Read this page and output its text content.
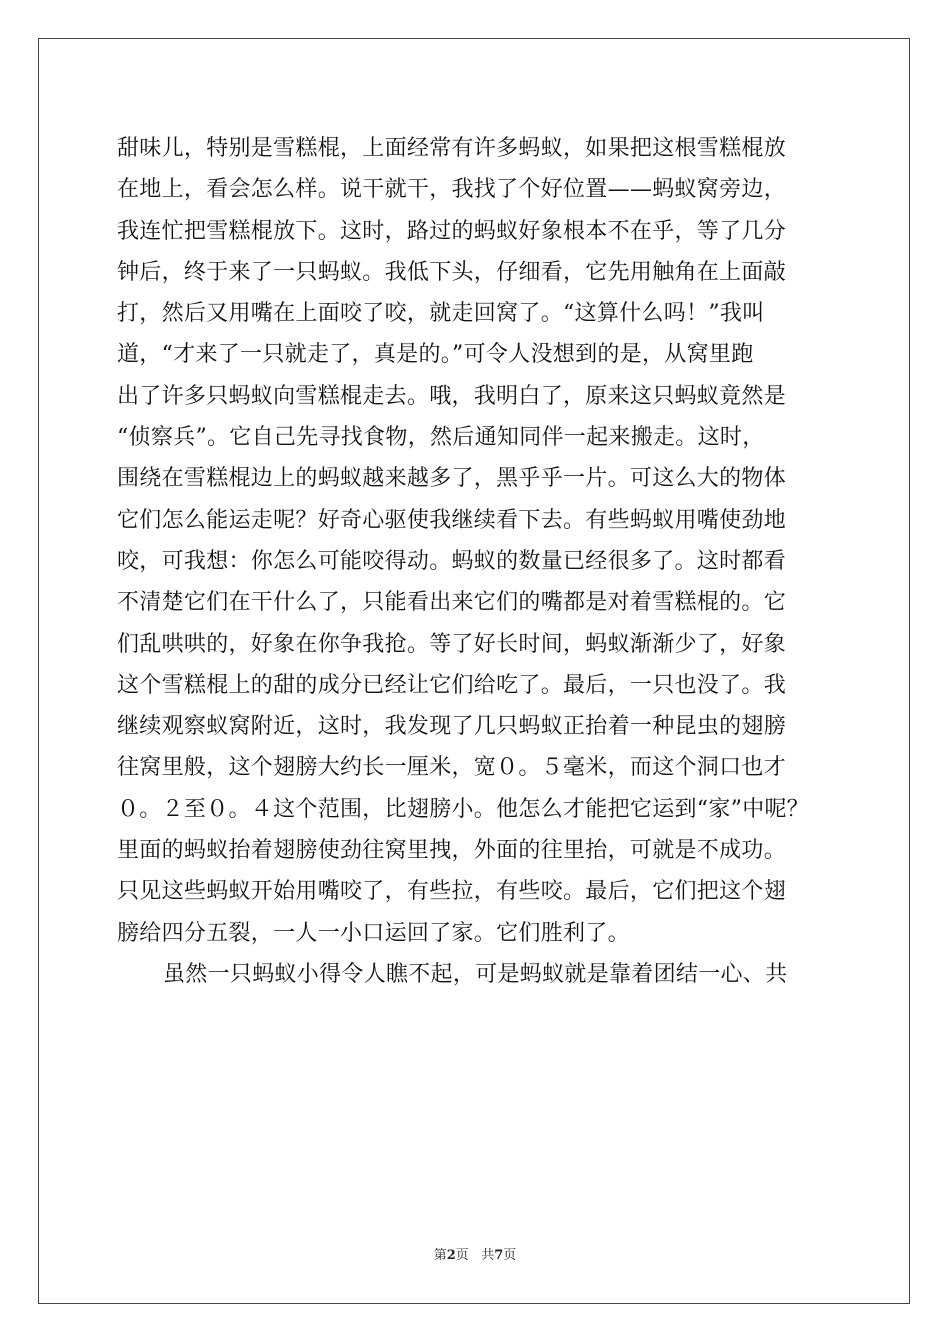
甜味儿，特别是雪糕棍，上面经常有许多蚂蚁，如果把这根雪糕棍放
在地上，看会怎么样。说干就干，我找了个好位置——蚂蚁窝旁边，
我连忙把雪糕棍放下。这时，路过的蚂蚁好象根本不在乎，等了几分
钟后，终于来了一只蚂蚁。我低下头，仔细看，它先用触角在上面敲
打，然后又用嘴在上面咬了咬，就走回窝了。“这算什么吗！”我叫
道，“才来了一只就走了，真是的。”可令人没想到的是，从窝里跑
出了许多只蚂蚁向雪糕棍走去。哦，我明白了，原来这只蚂蚁竟然是
“侦察兵”。它自己先寻找食物，然后通知同伴一起来搬走。这时，
围绕在雪糕棍边上的蚂蚁越来越多了，黑乎乎一片。可这么大的物体
它们怎么能运走呢？好奇心驱使我继续看下去。有些蚂蚁用嘴使劲地
咬，可我想：你怎么可能咬得动。蚂蚁的数量已经很多了。这时都看
不清楚它们在干什么了，只能看出来它们的嘴都是对着雪糕棍的。它
们乱哄哄的，好象在你争我抢。等了好长时间，蚂蚁渐渐少了，好象
这个雪糕棍上的甜的成分已经让它们给吃了。最后，一只也没了。我
继续观察蚁窝附近，这时，我发现了几只蚂蚁正抬着一种昆虫的翅膀
往窝里般，这个翅膀大约长一厘米，宽０。５毫米，而这个洞口也才
０。２至０。４这个范围，比翅膀小。他怎么才能把它运到“家”中呢？
里面的蚂蚁抬着翅膀使劲往窝里拽，外面的往里抬，可就是不成功。
只见这些蚂蚁开始用嘴咬了，有些拉，有些咬。最后，它们把这个翅
膀给四分五裂，一人一小口运回了家。它们胜利了。
虽然一只蚂蚁小得令人瞧不起，可是蚂蚁就是靠着团结一心、共
第2页 共7页
